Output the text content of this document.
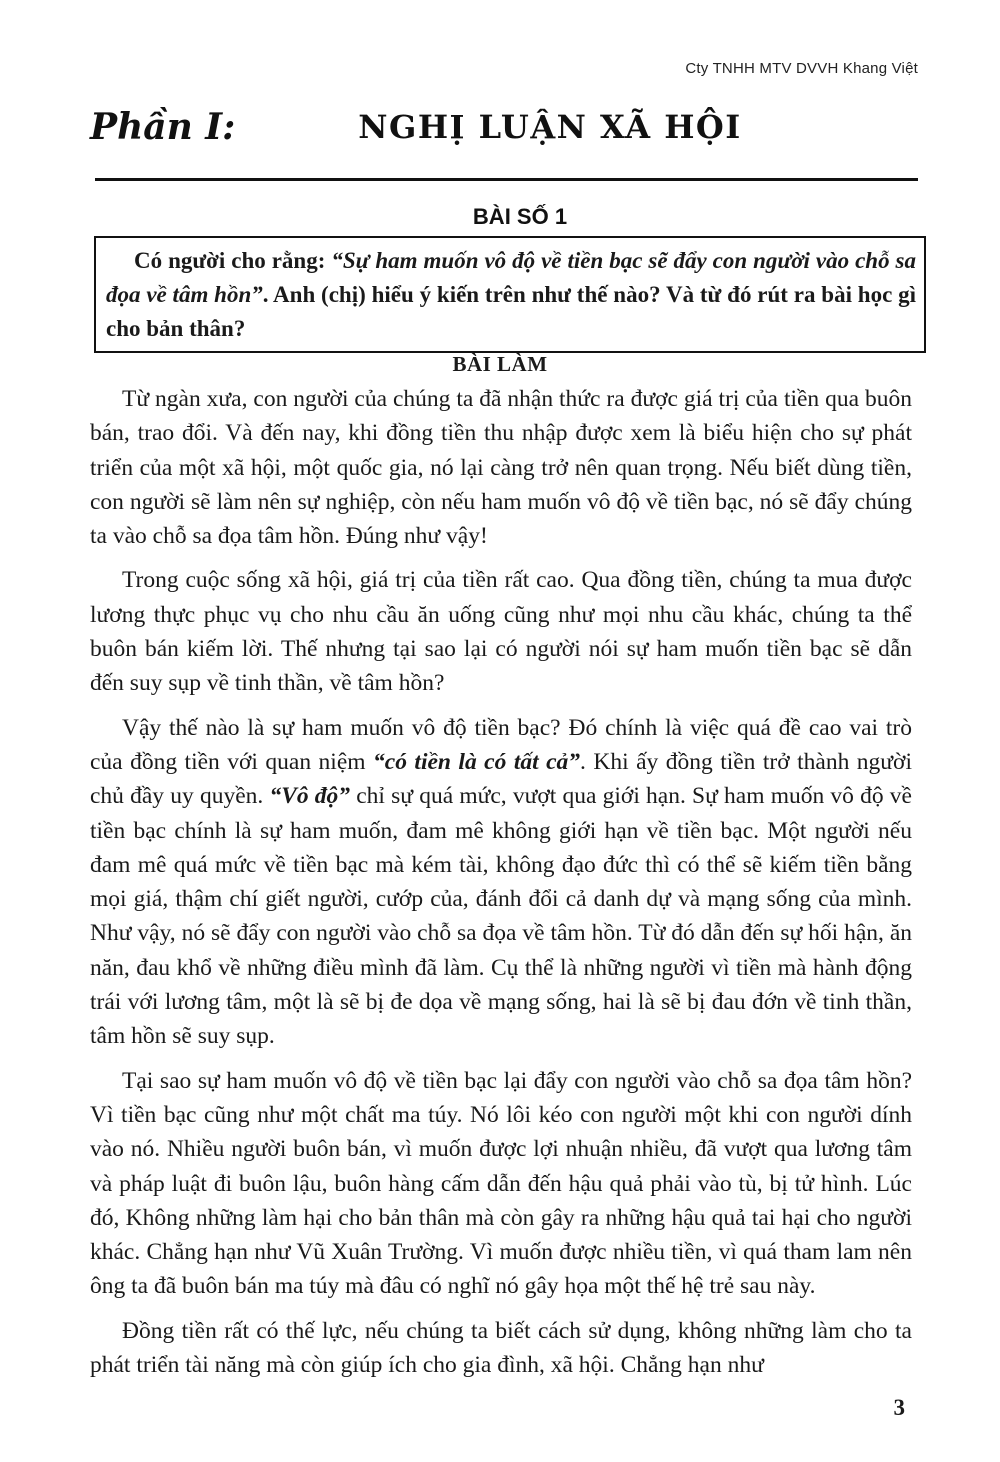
Cty TNHH MTV DVVH Khang Việt
Phần I:	NGHỊ LUẬN XÃ HỘI
BÀI SỐ 1
Có người cho rằng: “Sự ham muốn vô độ về tiền bạc sẽ đẩy con người vào chỗ sa đọa về tâm hồn”. Anh (chị) hiểu ý kiến trên như thế nào? Và từ đó rút ra bài học gì cho bản thân?
BÀI LÀM

Từ ngàn xưa, con người của chúng ta đã nhận thức ra được giá trị của tiền qua buôn bán, trao đổi. Và đến nay, khi đồng tiền thu nhập được xem là biểu hiện cho sự phát triển của một xã hội, một quốc gia, nó lại càng trở nên quan trọng. Nếu biết dùng tiền, con người sẽ làm nên sự nghiệp, còn nếu ham muốn vô độ về tiền bạc, nó sẽ đẩy chúng ta vào chỗ sa đọa tâm hồn. Đúng như vậy!

Trong cuộc sống xã hội, giá trị của tiền rất cao. Qua đồng tiền, chúng ta mua được lương thực phục vụ cho nhu cầu ăn uống cũng như mọi nhu cầu khác, chúng ta thể buôn bán kiếm lời. Thế nhưng tại sao lại có người nói sự ham muốn tiền bạc sẽ dẫn đến suy sụp về tinh thần, về tâm hồn?

Vậy thế nào là sự ham muốn vô độ tiền bạc? Đó chính là việc quá đề cao vai trò của đồng tiền với quan niệm “có tiền là có tất cả”. Khi ấy đồng tiền trở thành người chủ đầy uy quyền. “Vô độ” chỉ sự quá mức, vượt qua giới hạn. Sự ham muốn vô độ về tiền bạc chính là sự ham muốn, đam mê không giới hạn về tiền bạc. Một người nếu đam mê quá mức về tiền bạc mà kém tài, không đạo đức thì có thể sẽ kiếm tiền bằng mọi giá, thậm chí giết người, cướp của, đánh đổi cả danh dự và mạng sống của mình. Như vậy, nó sẽ đẩy con người vào chỗ sa đọa về tâm hồn. Từ đó dẫn đến sự hối hận, ăn năn, đau khổ về những điều mình đã làm. Cụ thể là những người vì tiền mà hành động trái với lương tâm, một là sẽ bị đe dọa về mạng sống, hai là sẽ bị đau đớn về tinh thần, tâm hồn sẽ suy sụp.

Tại sao sự ham muốn vô độ về tiền bạc lại đẩy con người vào chỗ sa đọa tâm hồn? Vì tiền bạc cũng như một chất ma túy. Nó lôi kéo con người một khi con người dính vào nó. Nhiều người buôn bán, vì muốn được lợi nhuận nhiều, đã vượt qua lương tâm và pháp luật đi buôn lậu, buôn hàng cấm dẫn đến hậu quả phải vào tù, bị tử hình. Lúc đó, Không những làm hại cho bản thân mà còn gây ra những hậu quả tai hại cho người khác. Chẳng hạn như Vũ Xuân Trường. Vì muốn được nhiều tiền, vì quá tham lam nên ông ta đã buôn bán ma túy mà đâu có nghĩ nó gây họa một thế hệ trẻ sau này.

Đồng tiền rất có thế lực, nếu chúng ta biết cách sử dụng, không những làm cho ta phát triển tài năng mà còn giúp ích cho gia đình, xã hội. Chẳng hạn như

3
